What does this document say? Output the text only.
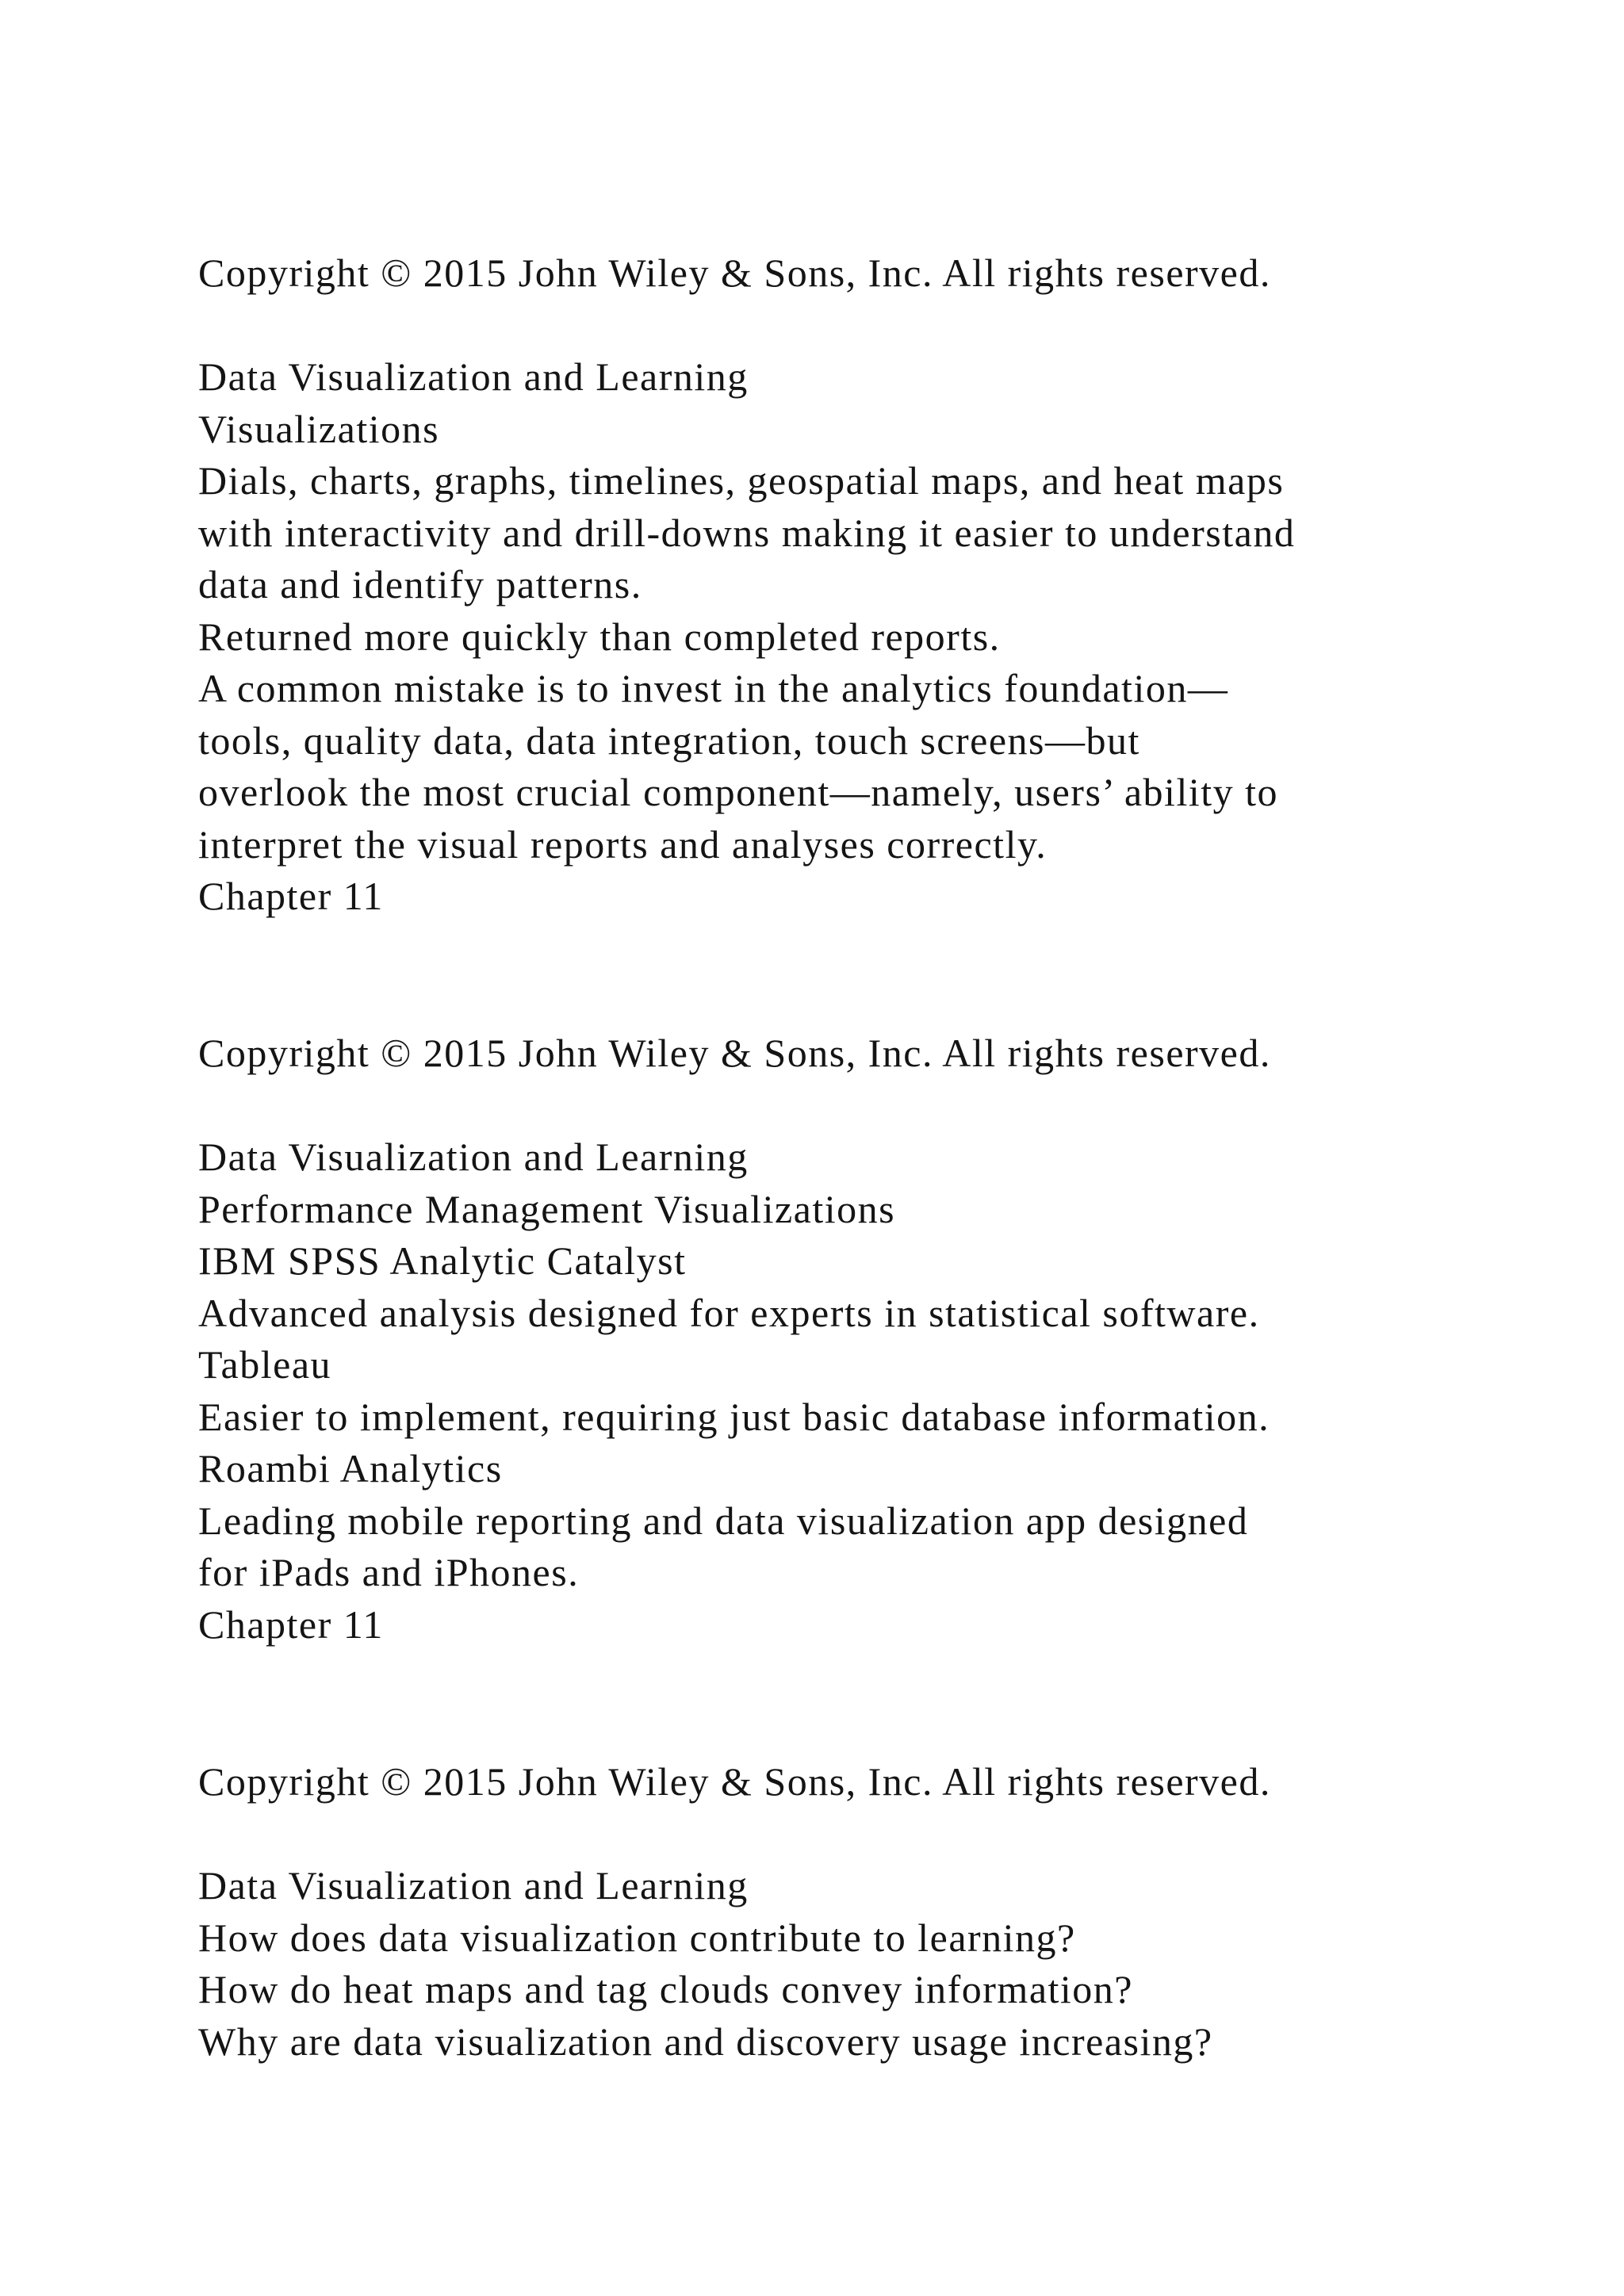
Copyright © 2015 John Wiley & Sons, Inc. All rights reserved.
Data Visualization and Learning
Visualizations
Dials, charts, graphs, timelines, geospatial maps, and heat maps
with interactivity and drill-downs making it easier to understand
data and identify patterns.
Returned more quickly than completed reports.
A common mistake is to invest in the analytics foundation—
tools, quality data, data integration, touch screens—but
overlook the most crucial component—namely, users’ ability to
interpret the visual reports and analyses correctly.
Chapter 11
Copyright © 2015 John Wiley & Sons, Inc. All rights reserved.
Data Visualization and Learning
Performance Management Visualizations
IBM SPSS Analytic Catalyst
Advanced analysis designed for experts in statistical software.
Tableau
Easier to implement, requiring just basic database information.
Roambi Analytics
Leading mobile reporting and data visualization app designed
for iPads and iPhones.
Chapter 11
Copyright © 2015 John Wiley & Sons, Inc. All rights reserved.
Data Visualization and Learning
How does data visualization contribute to learning?
How do heat maps and tag clouds convey information?
Why are data visualization and discovery usage increasing?
